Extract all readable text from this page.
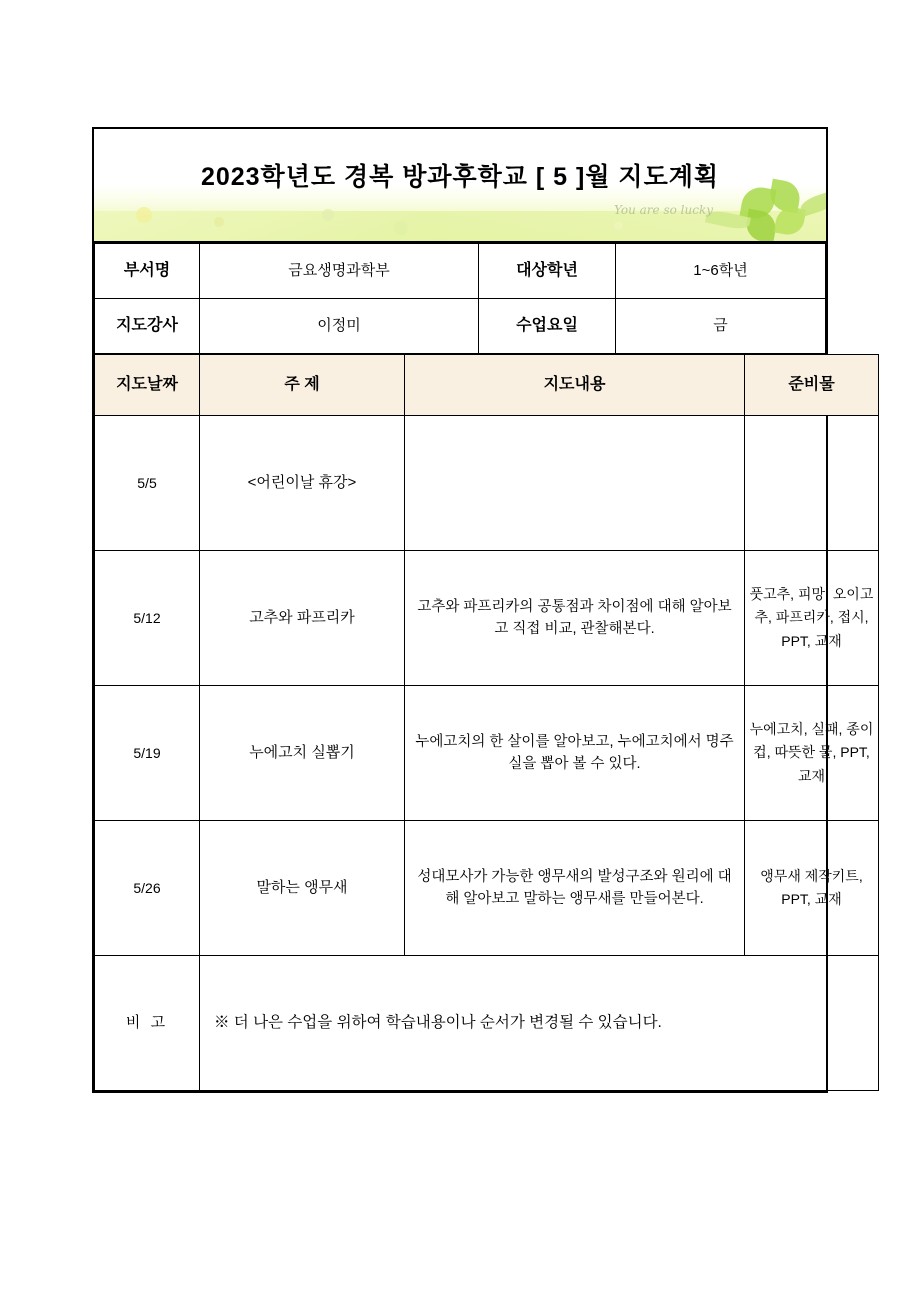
2023학년도 경복 방과후학교 [ 5 ]월 지도계획
You are so lucky
부서명	금요생명과학부	대상학년	1~6학년
지도강사	이정미	수업요일	금
지도날짜	주 제	지도내용	준비물
5/5	<어린이날 휴강>		
5/12	고추와 파프리카	고추와 파프리카의 공통점과 차이점에 대해 알아보고 직접 비교, 관찰해본다.	풋고추, 피망, 오이고추, 파프리카, 접시, PPT, 교재
5/19	누에고치 실뽑기	누에고치의 한 살이를 알아보고, 누에고치에서 명주실을 뽑아 볼 수 있다.	누에고치, 실패, 종이컵, 따뜻한 물, PPT, 교재
5/26	말하는 앵무새	성대모사가 가능한 앵무새의 발성구조와 원리에 대해 알아보고 말하는 앵무새를 만들어본다.	앵무새 제작키트, PPT, 교재
비 고	※ 더 나은 수업을 위하여 학습내용이나 순서가 변경될 수 있습니다.		
